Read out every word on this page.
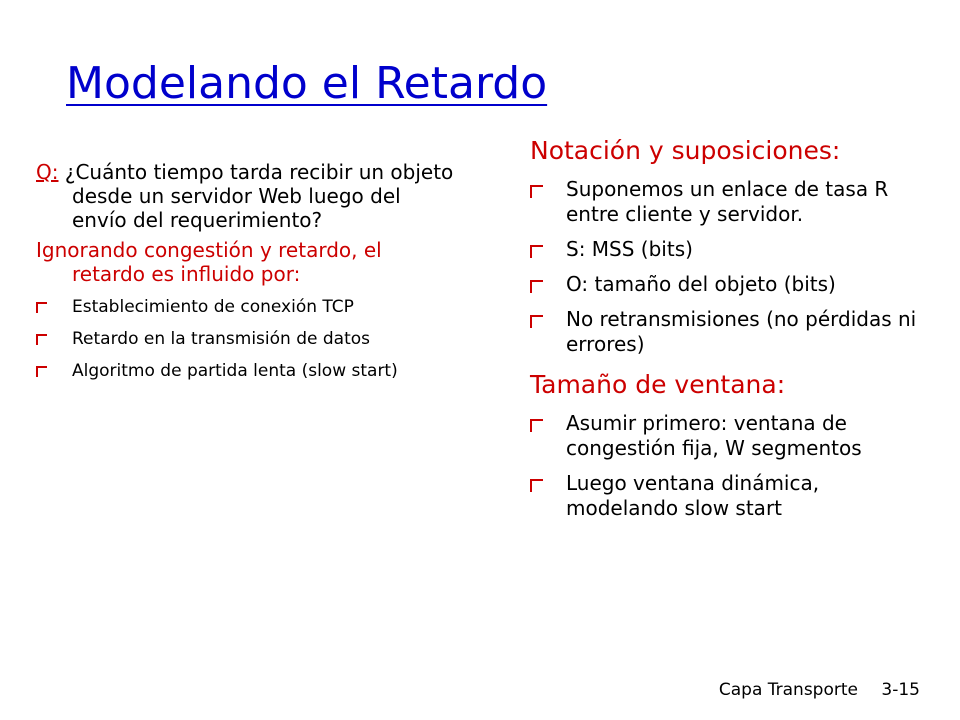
Modelando el Retardo
Q: ¿Cuánto tiempo tarda recibir un objeto desde un servidor Web luego del envío del requerimiento?
Ignorando congestión y retardo, el retardo es influido por:
Establecimiento de conexión TCP
Retardo en la transmisión de datos
Algoritmo de partida lenta (slow start)
Notación y suposiciones:
Suponemos un enlace de tasa R entre cliente y servidor.
S: MSS (bits)
O: tamaño del objeto (bits)
No retransmisiones (no pérdidas ni errores)
Tamaño de ventana:
Asumir primero: ventana de congestión fija, W segmentos
Luego ventana dinámica, modelando slow start
Capa Transporte 3-15
